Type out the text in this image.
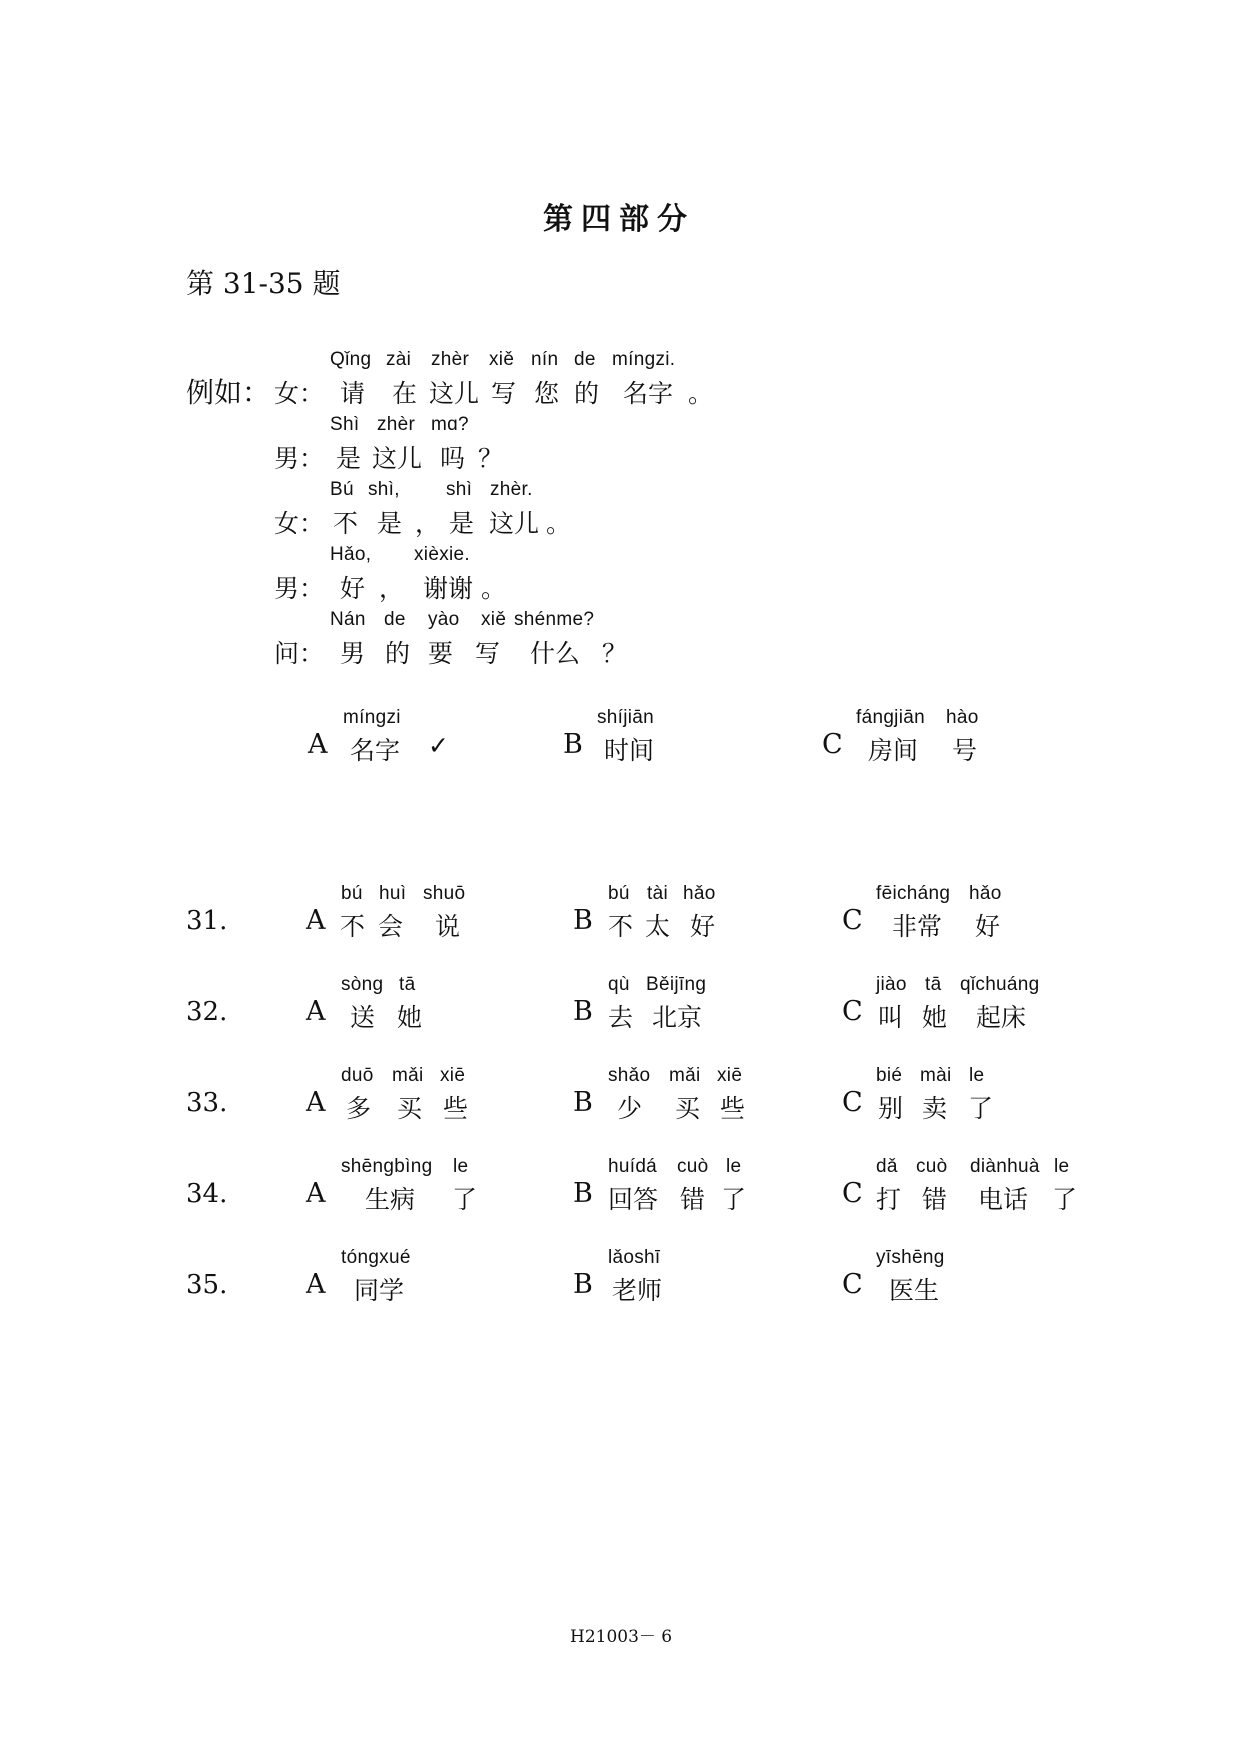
第四部分
第 31-35 题
例如： 女：
Qǐng zài zhèr xiě nín de míngzi.
请 在 这儿 写 您 的 名字 。
男：
Shì zhèr mɑ?
是 这儿 吗 ？
女：
Bú shì, shì zhèr.
不 是 ， 是 这儿 。
男：
Hǎo, xièxie.
好 ， 谢谢 。
问：
Nán de yào xiě shénme?
男 的 要 写 什么 ？
A
míngzi
名字 ✓	B
shíjiān
时间	C
fángjiān hào
房间 号
31.	A
bú huì shuō
不 会 说	B
bú tài hǎo
不 太 好	C
fēicháng hǎo
非常 好
32.	A
sòng tā
送 她	B
qù Běijīng
去 北京	C
jiào tā qǐchuáng
叫 她 起床
33.	A
duō mǎi xiē
多 买 些	B
shǎo mǎi xiē
少 买 些	C
bié mài le
别 卖 了
34.	A
shēngbìng le
生病 了	B
huídá cuò le
回答 错 了	C
dǎ cuò diànhuà le
打 错 电话 了
35.	A
tóngxué
同学	B
lǎoshī
老师	C
yīshēng
医生
H21003－ 6
